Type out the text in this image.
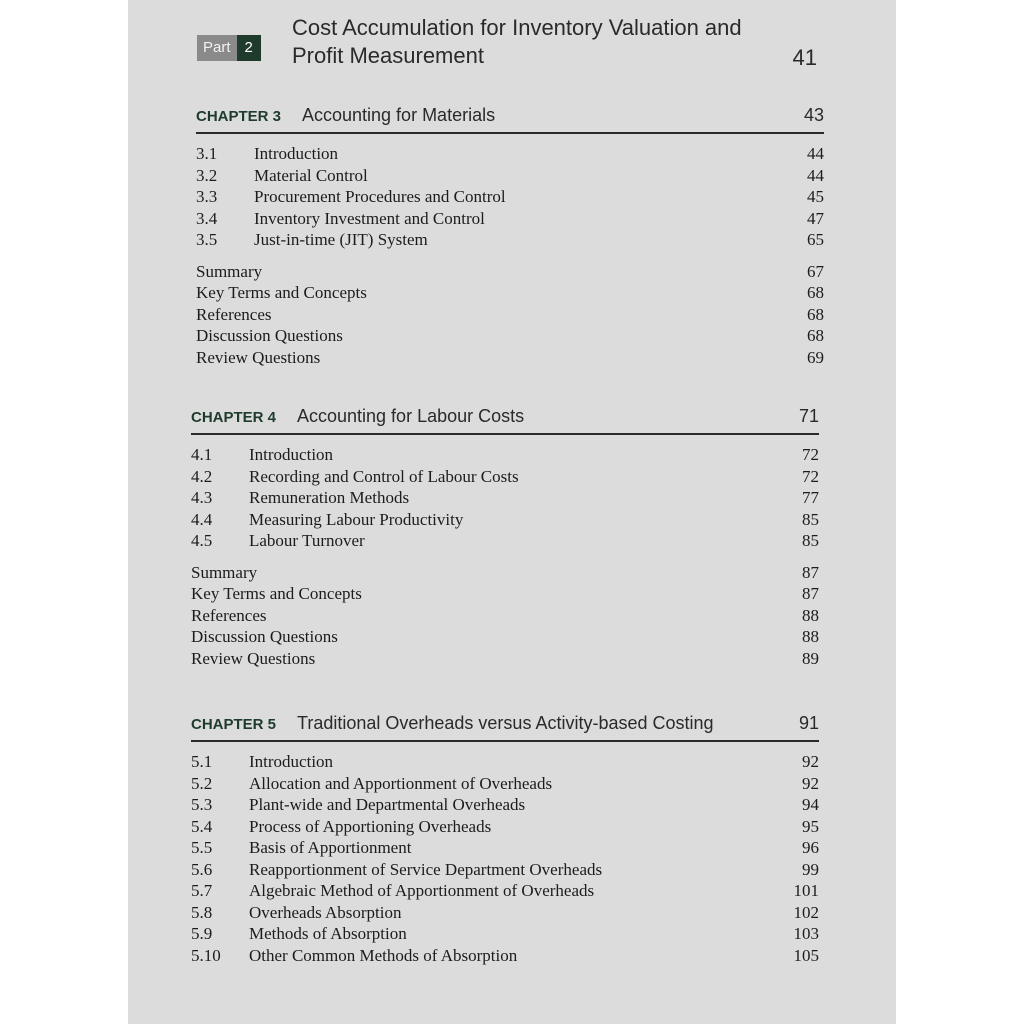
Part 2
Cost Accumulation for Inventory Valuation and Profit Measurement	41
CHAPTER 3 Accounting for Materials	43
3.1	Introduction	44
3.2	Material Control	44
3.3	Procurement Procedures and Control	45
3.4	Inventory Investment and Control	47
3.5	Just-in-time (JIT) System	65
Summary	67
Key Terms and Concepts	68
References	68
Discussion Questions	68
Review Questions	69
CHAPTER 4 Accounting for Labour Costs	71
4.1	Introduction	72
4.2	Recording and Control of Labour Costs	72
4.3	Remuneration Methods	77
4.4	Measuring Labour Productivity	85
4.5	Labour Turnover	85
Summary	87
Key Terms and Concepts	87
References	88
Discussion Questions	88
Review Questions	89
CHAPTER 5 Traditional Overheads versus Activity-based Costing	91
5.1	Introduction	92
5.2	Allocation and Apportionment of Overheads	92
5.3	Plant-wide and Departmental Overheads	94
5.4	Process of Apportioning Overheads	95
5.5	Basis of Apportionment	96
5.6	Reapportionment of Service Department Overheads	99
5.7	Algebraic Method of Apportionment of Overheads	101
5.8	Overheads Absorption	102
5.9	Methods of Absorption	103
5.10	Other Common Methods of Absorption	105
